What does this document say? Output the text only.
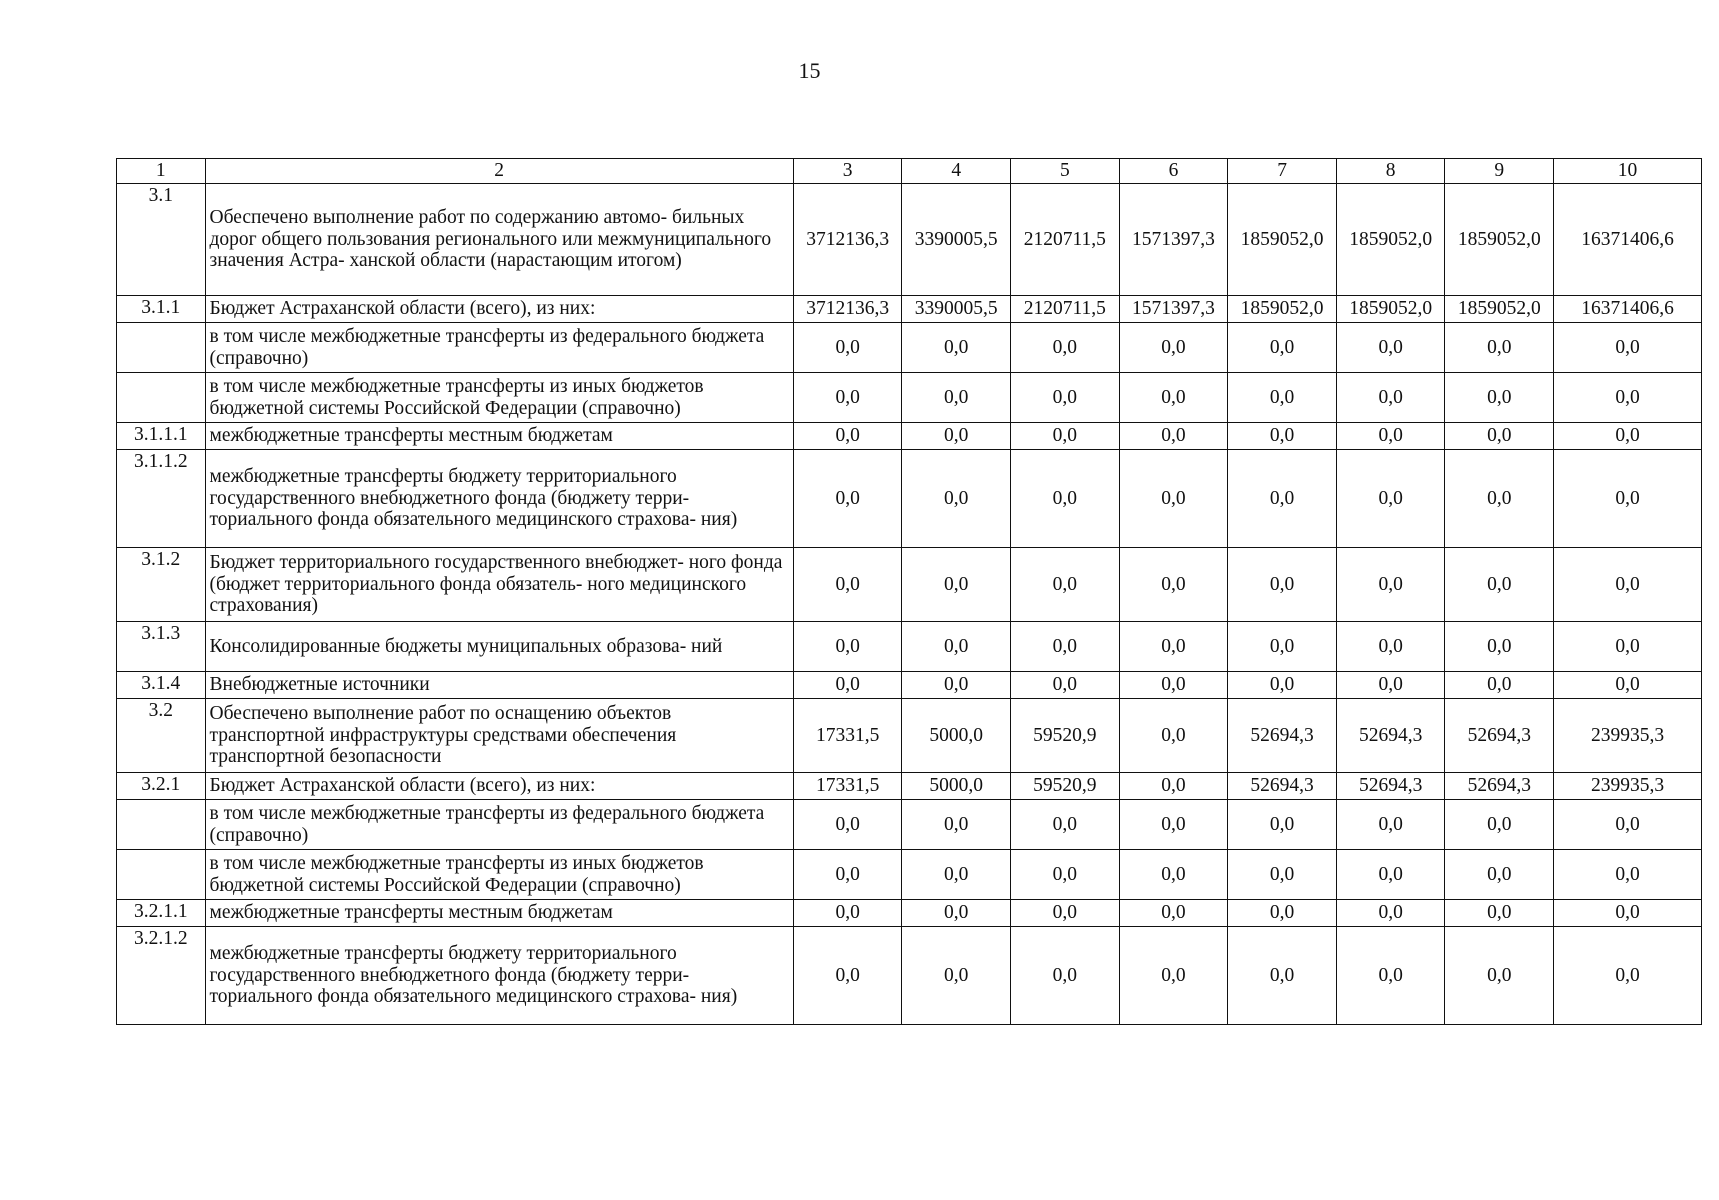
15
1	2	3	4	5	6	7	8	9	10
3.1	Обеспечено выполнение работ по содержанию автомо- бильных дорог общего пользования регионального или межмуниципального значения Астра- ханской области (нарастающим итогом)	3712136,3	3390005,5	2120711,5	1571397,3	1859052,0	1859052,0	1859052,0	16371406,6
3.1.1	Бюджет Астраханской области (всего), из них:	3712136,3	3390005,5	2120711,5	1571397,3	1859052,0	1859052,0	1859052,0	16371406,6
	в том числе межбюджетные трансферты из федерального бюджета (справочно)	0,0	0,0	0,0	0,0	0,0	0,0	0,0	0,0
	в том числе межбюджетные трансферты из иных бюджетов бюджетной системы Российской Федерации (справочно)	0,0	0,0	0,0	0,0	0,0	0,0	0,0	0,0
3.1.1.1	межбюджетные трансферты местным бюджетам	0,0	0,0	0,0	0,0	0,0	0,0	0,0	0,0
3.1.1.2	межбюджетные трансферты бюджету территориального государственного внебюджетного фонда (бюджету терри- ториального фонда обязательного медицинского страхова- ния)	0,0	0,0	0,0	0,0	0,0	0,0	0,0	0,0
3.1.2	Бюджет территориального государственного внебюджет- ного фонда (бюджет территориального фонда обязатель- ного медицинского страхования)	0,0	0,0	0,0	0,0	0,0	0,0	0,0	0,0
3.1.3	Консолидированные бюджеты муниципальных образова- ний	0,0	0,0	0,0	0,0	0,0	0,0	0,0	0,0
3.1.4	Внебюджетные источники	0,0	0,0	0,0	0,0	0,0	0,0	0,0	0,0
3.2	Обеспечено выполнение работ по оснащению объектов транспортной инфраструктуры средствами обеспечения транспортной безопасности	17331,5	5000,0	59520,9	0,0	52694,3	52694,3	52694,3	239935,3
3.2.1	Бюджет Астраханской области (всего), из них:	17331,5	5000,0	59520,9	0,0	52694,3	52694,3	52694,3	239935,3
	в том числе межбюджетные трансферты из федерального бюджета (справочно)	0,0	0,0	0,0	0,0	0,0	0,0	0,0	0,0
	в том числе межбюджетные трансферты из иных бюджетов бюджетной системы Российской Федерации (справочно)	0,0	0,0	0,0	0,0	0,0	0,0	0,0	0,0
3.2.1.1	межбюджетные трансферты местным бюджетам	0,0	0,0	0,0	0,0	0,0	0,0	0,0	0,0
3.2.1.2	межбюджетные трансферты бюджету территориального государственного внебюджетного фонда (бюджету терри- ториального фонда обязательного медицинского страхова- ния)	0,0	0,0	0,0	0,0	0,0	0,0	0,0	0,0
